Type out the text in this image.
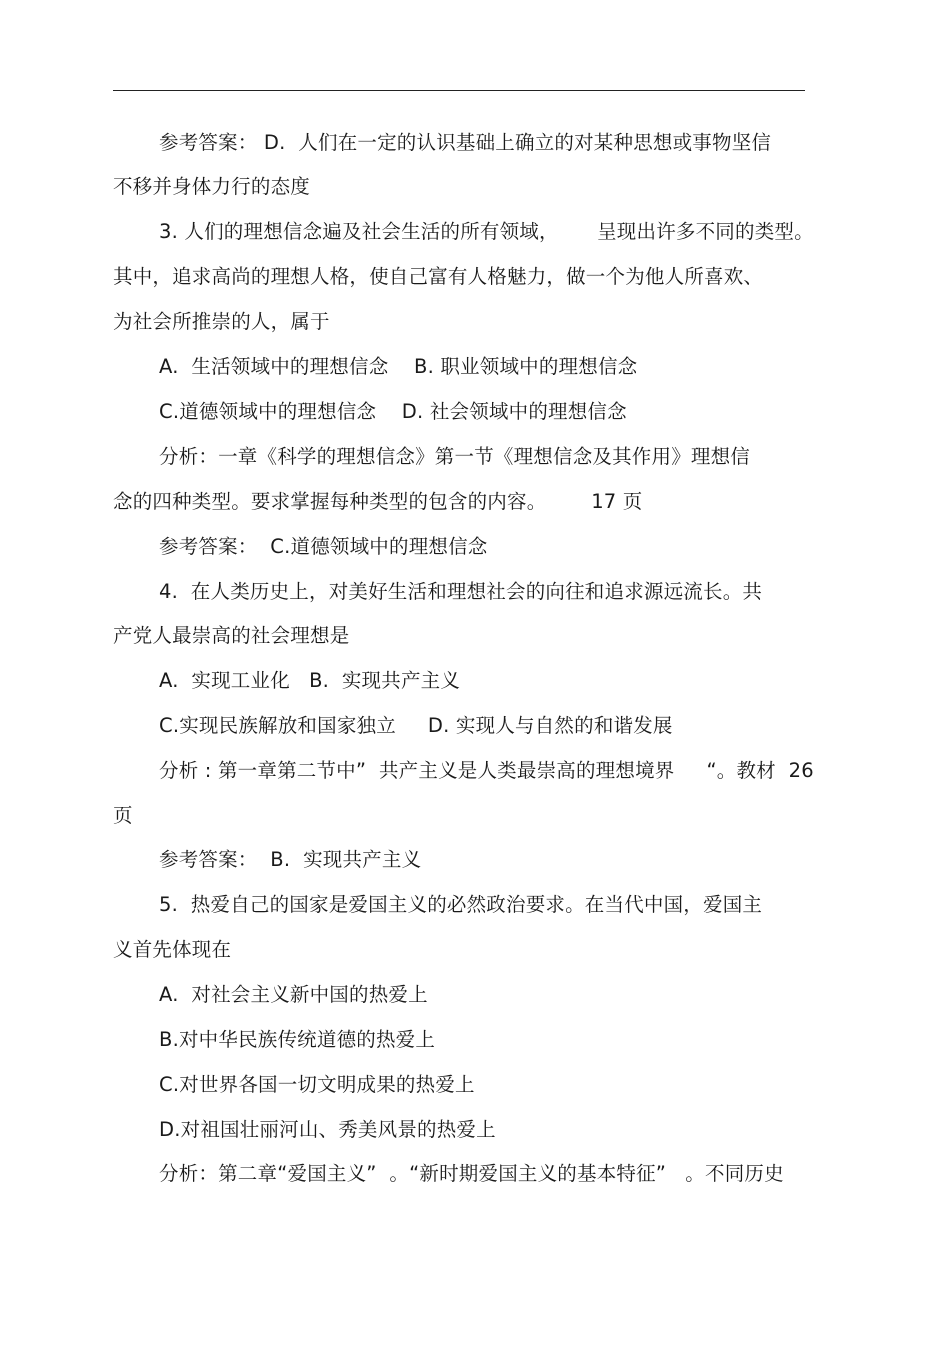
参考答案： D.  人们在一定的认识基础上确立的对某种思想或事物坚信
不移并身体力行的态度
3. 人们的理想信念遍及社会生活的所有领域，      呈现出许多不同的类型。
其中，追求高尚的理想人格，使自己富有人格魅力，做一个为他人所喜欢、
为社会所推崇的人，属于
A.  生活领域中的理想信念    B. 职业领域中的理想信念
C.道德领域中的理想信念    D. 社会领域中的理想信念
分析：一章《科学的理想信念》第一节《理想信念及其作用》理想信
念的四种类型。要求掌握每种类型的包含的内容。       17 页
参考答案：  C.道德领域中的理想信念
4.  在人类历史上，对美好生活和理想社会的向往和追求源远流长。共
产党人最崇高的社会理想是
A.  实现工业化   B.  实现共产主义
C.实现民族解放和国家独立     D. 实现人与自然的和谐发展
分析 : 第一章第二节中”  共产主义是人类最崇高的理想境界     “。教材  26
页
参考答案：  B.  实现共产主义
5.  热爱自己的国家是爱国主义的必然政治要求。在当代中国，爱国主
义首先体现在
A.  对社会主义新中国的热爱上
B.对中华民族传统道德的热爱上
C.对世界各国一切文明成果的热爱上
D.对祖国壮丽河山、秀美风景的热爱上
分析：第二章“爱国主义”  。“新时期爱国主义的基本特征”   。不同历史
